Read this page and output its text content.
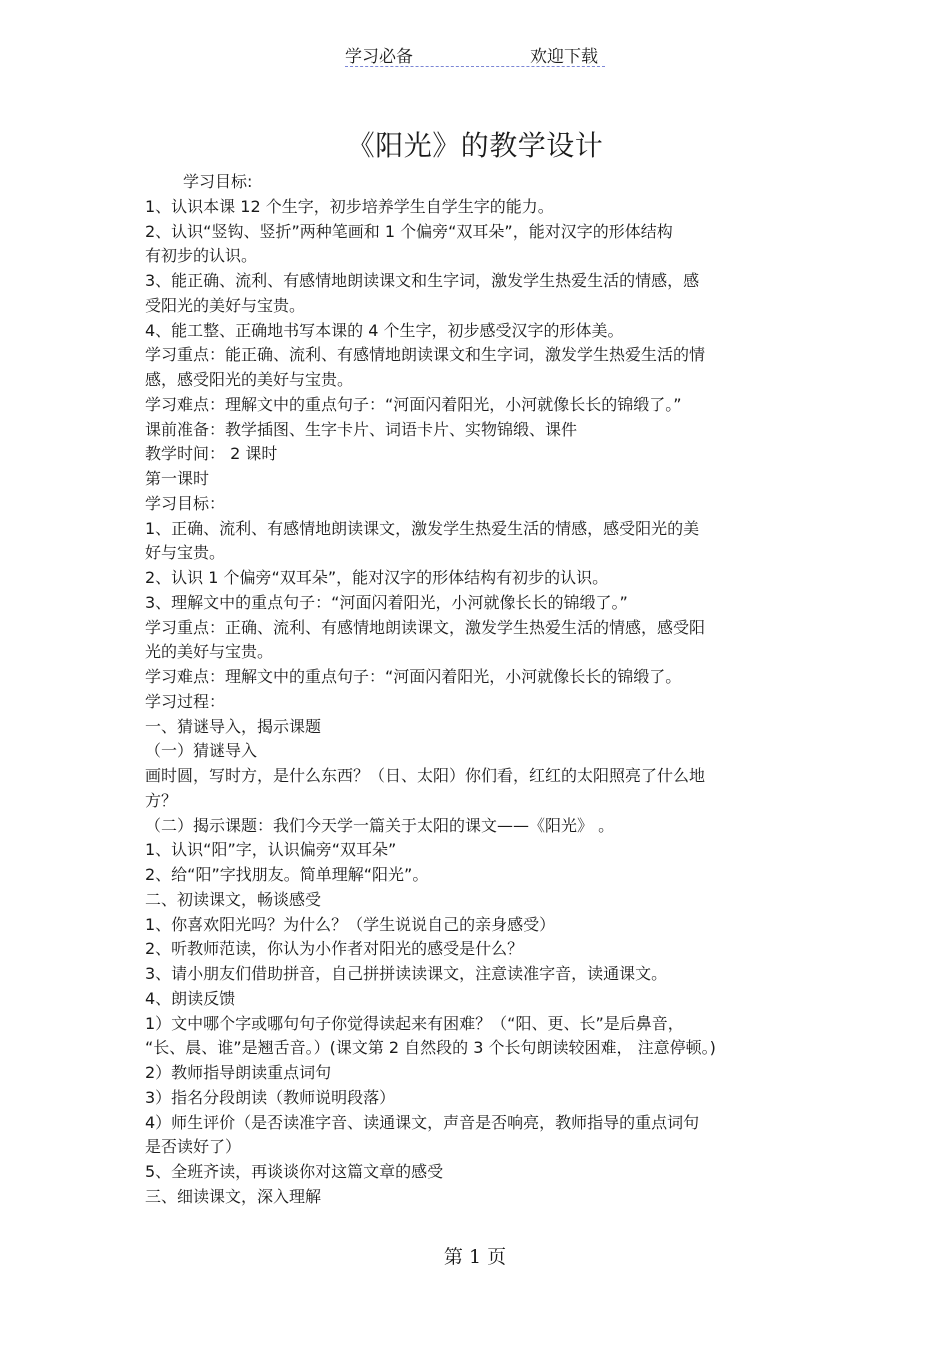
学习必备	欢迎下载
《阳光》的教学设计
学习目标:
1、认识本课 12 个生字，初步培养学生自学生字的能力。
2、认识“竖钩、竖折”两种笔画和 1 个偏旁“双耳朵”，能对汉字的形体结构
有初步的认识。
3、能正确、流利、有感情地朗读课文和生字词，激发学生热爱生活的情感，感
受阳光的美好与宝贵。
4、能工整、正确地书写本课的 4 个生字，初步感受汉字的形体美。
学习重点：能正确、流利、有感情地朗读课文和生字词，激发学生热爱生活的情
感，感受阳光的美好与宝贵。
学习难点：理解文中的重点句子：“河面闪着阳光，小河就像长长的锦缎了。”
课前准备：教学插图、生字卡片、词语卡片、实物锦缎、课件
教学时间： 2 课时
第一课时
学习目标：
1、正确、流利、有感情地朗读课文，激发学生热爱生活的情感，感受阳光的美
好与宝贵。
2、认识 1 个偏旁“双耳朵”，能对汉字的形体结构有初步的认识。
3、理解文中的重点句子：“河面闪着阳光，小河就像长长的锦缎了。”
学习重点：正确、流利、有感情地朗读课文，激发学生热爱生活的情感，感受阳
光的美好与宝贵。
学习难点：理解文中的重点句子：“河面闪着阳光，小河就像长长的锦缎了。
学习过程：
一、猜谜导入，揭示课题
（一）猜谜导入
画时圆，写时方，是什么东西？（日、太阳）你们看，红红的太阳照亮了什么地
方？
（二）揭示课题：我们今天学一篇关于太阳的课文——《阳光》 。
1、认识“阳”字，认识偏旁“双耳朵”
2、给“阳”字找朋友。简单理解“阳光”。
二、初读课文，畅谈感受
1、你喜欢阳光吗？为什么？（学生说说自己的亲身感受）
2、听教师范读，你认为小作者对阳光的感受是什么？
3、请小朋友们借助拼音，自己拼拼读读课文，注意读准字音，读通课文。
4、朗读反馈
1）文中哪个字或哪句句子你觉得读起来有困难？（“阳、更、长”是后鼻音，
“长、晨、谁”是翘舌音。）(课文第 2 自然段的 3 个长句朗读较困难， 注意停顿。)
2）教师指导朗读重点词句
3）指名分段朗读（教师说明段落）
4）师生评价（是否读准字音、读通课文，声音是否响亮，教师指导的重点词句
是否读好了）
5、全班齐读，再谈谈你对这篇文章的感受
三、细读课文，深入理解
第 1 页
